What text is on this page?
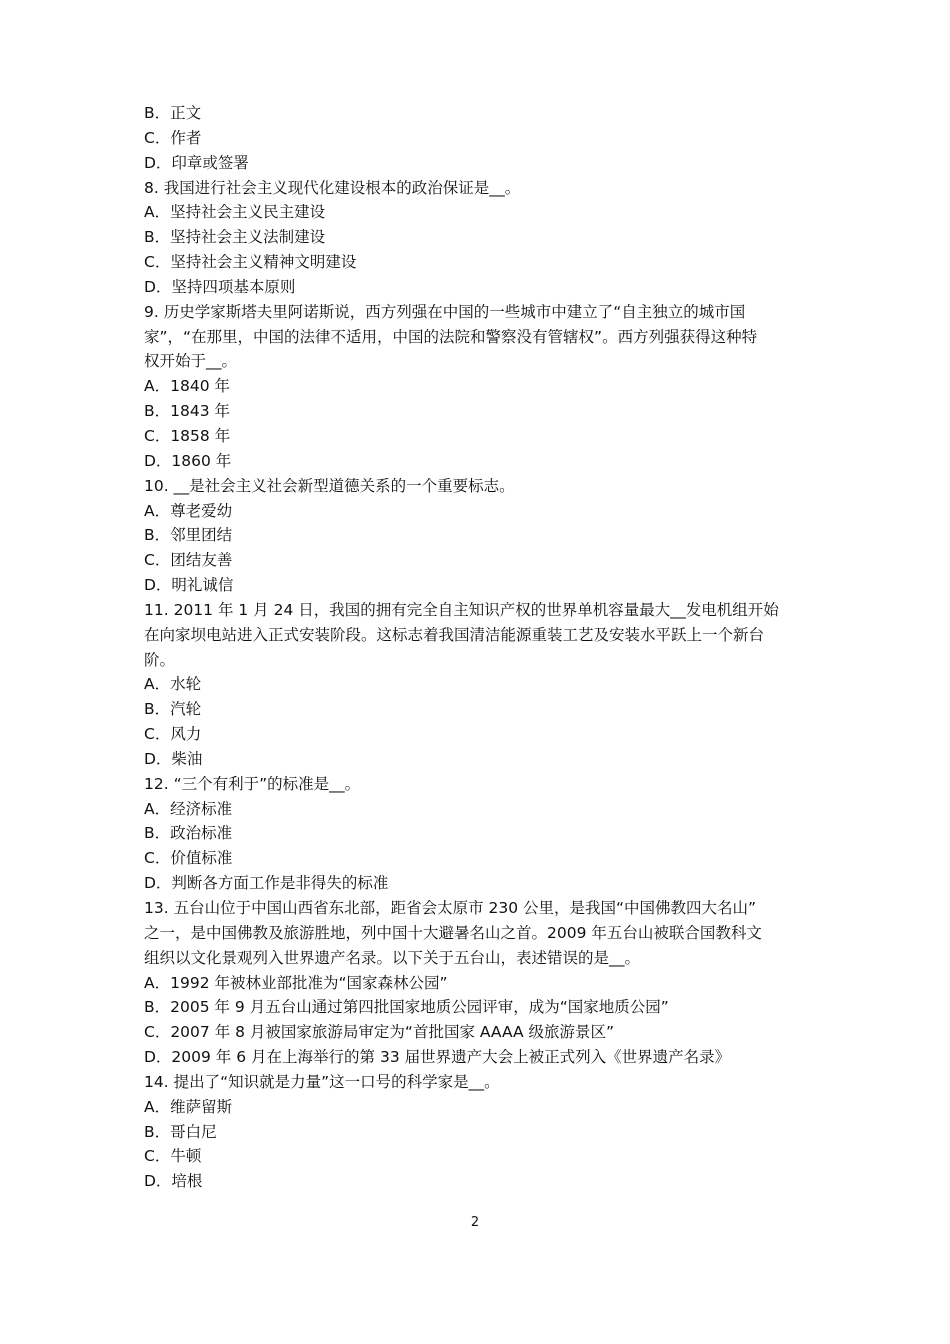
B．正文
C．作者
D．印章或签署
8. 我国进行社会主义现代化建设根本的政治保证是__。
A．坚持社会主义民主建设
B．坚持社会主义法制建设
C．坚持社会主义精神文明建设
D．坚持四项基本原则
9. 历史学家斯塔夫里阿诺斯说，西方列强在中国的一些城市中建立了“自主独立的城市国
家”，“在那里，中国的法律不适用，中国的法院和警察没有管辖权”。西方列强获得这种特
权开始于__。
A．1840 年
B．1843 年
C．1858 年
D．1860 年
10. __是社会主义社会新型道德关系的一个重要标志。
A．尊老爱幼
B．邻里团结
C．团结友善
D．明礼诚信
11. 2011 年 1 月 24 日，我国的拥有完全自主知识产权的世界单机容量最大__发电机组开始
在向家坝电站进入正式安装阶段。这标志着我国清洁能源重装工艺及安装水平跃上一个新台
阶。
A．水轮
B．汽轮
C．风力
D．柴油
12. “三个有利于”的标准是__。
A．经济标准
B．政治标准
C．价值标准
D．判断各方面工作是非得失的标准
13. 五台山位于中国山西省东北部，距省会太原市 230 公里，是我国“中国佛教四大名山”
之一，是中国佛教及旅游胜地，列中国十大避暑名山之首。2009 年五台山被联合国教科文
组织以文化景观列入世界遗产名录。以下关于五台山，表述错误的是__。
A．1992 年被林业部批准为“国家森林公园”
B．2005 年 9 月五台山通过第四批国家地质公园评审，成为“国家地质公园”
C．2007 年 8 月被国家旅游局审定为“首批国家 AAAA 级旅游景区”
D．2009 年 6 月在上海举行的第 33 届世界遗产大会上被正式列入《世界遗产名录》
14. 提出了“知识就是力量”这一口号的科学家是__。
A．维萨留斯
B．哥白尼
C．牛顿
D．培根
2
